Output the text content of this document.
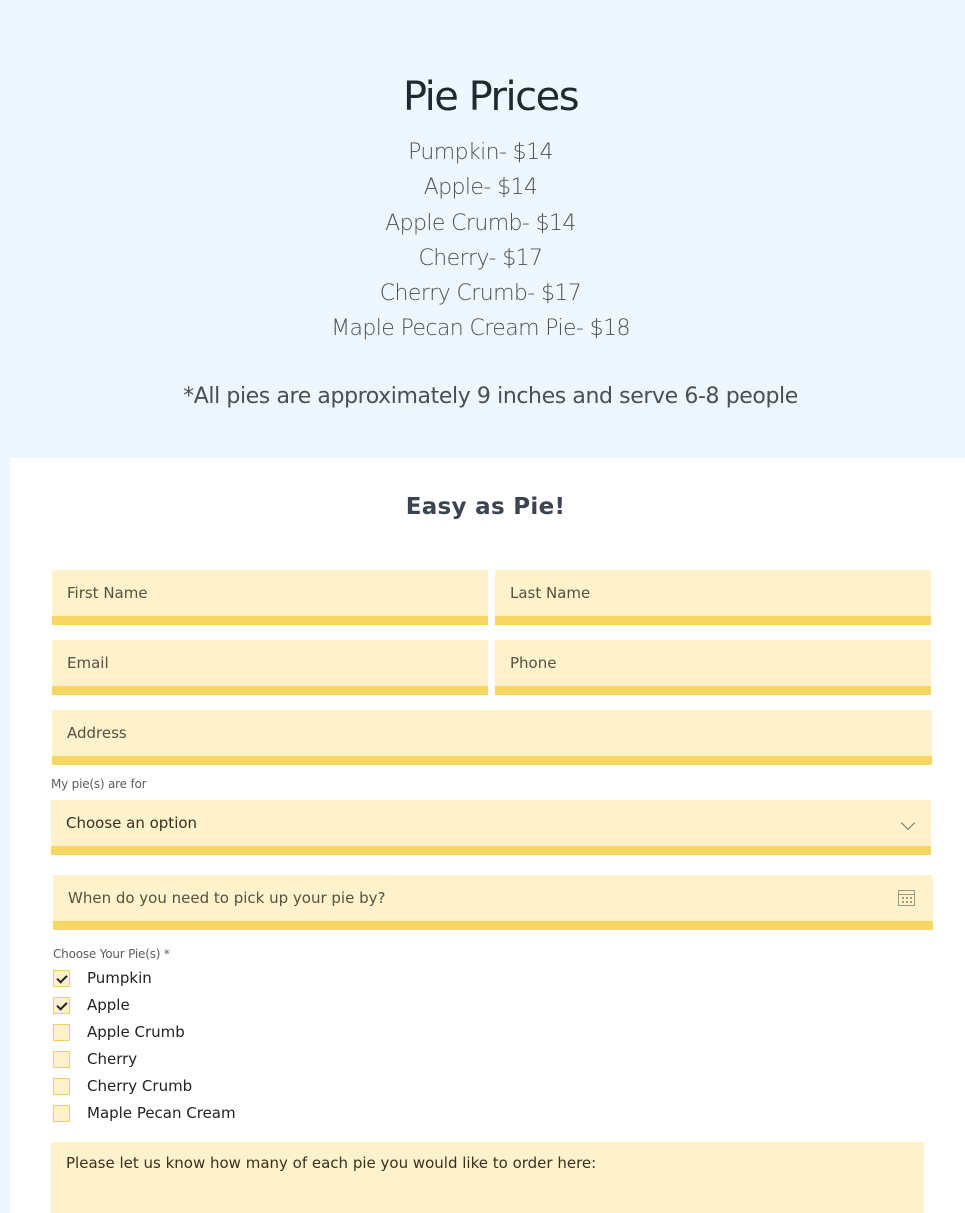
Pie Prices
Pumpkin- $14
Apple- $14
Apple Crumb- $14
Cherry- $17
Cherry Crumb- $17
Maple Pecan Cream Pie- $18

*All pies are approximately 9 inches and serve 6-8 people

Easy as Pie!
First Name	Last Name
Email	Phone
Address
My pie(s) are for
Choose an option
When do you need to pick up your pie by?
Choose Your Pie(s) *
Pumpkin
Apple
Apple Crumb
Cherry
Cherry Crumb
Maple Pecan Cream
Please let us know how many of each pie you would like to order here:
